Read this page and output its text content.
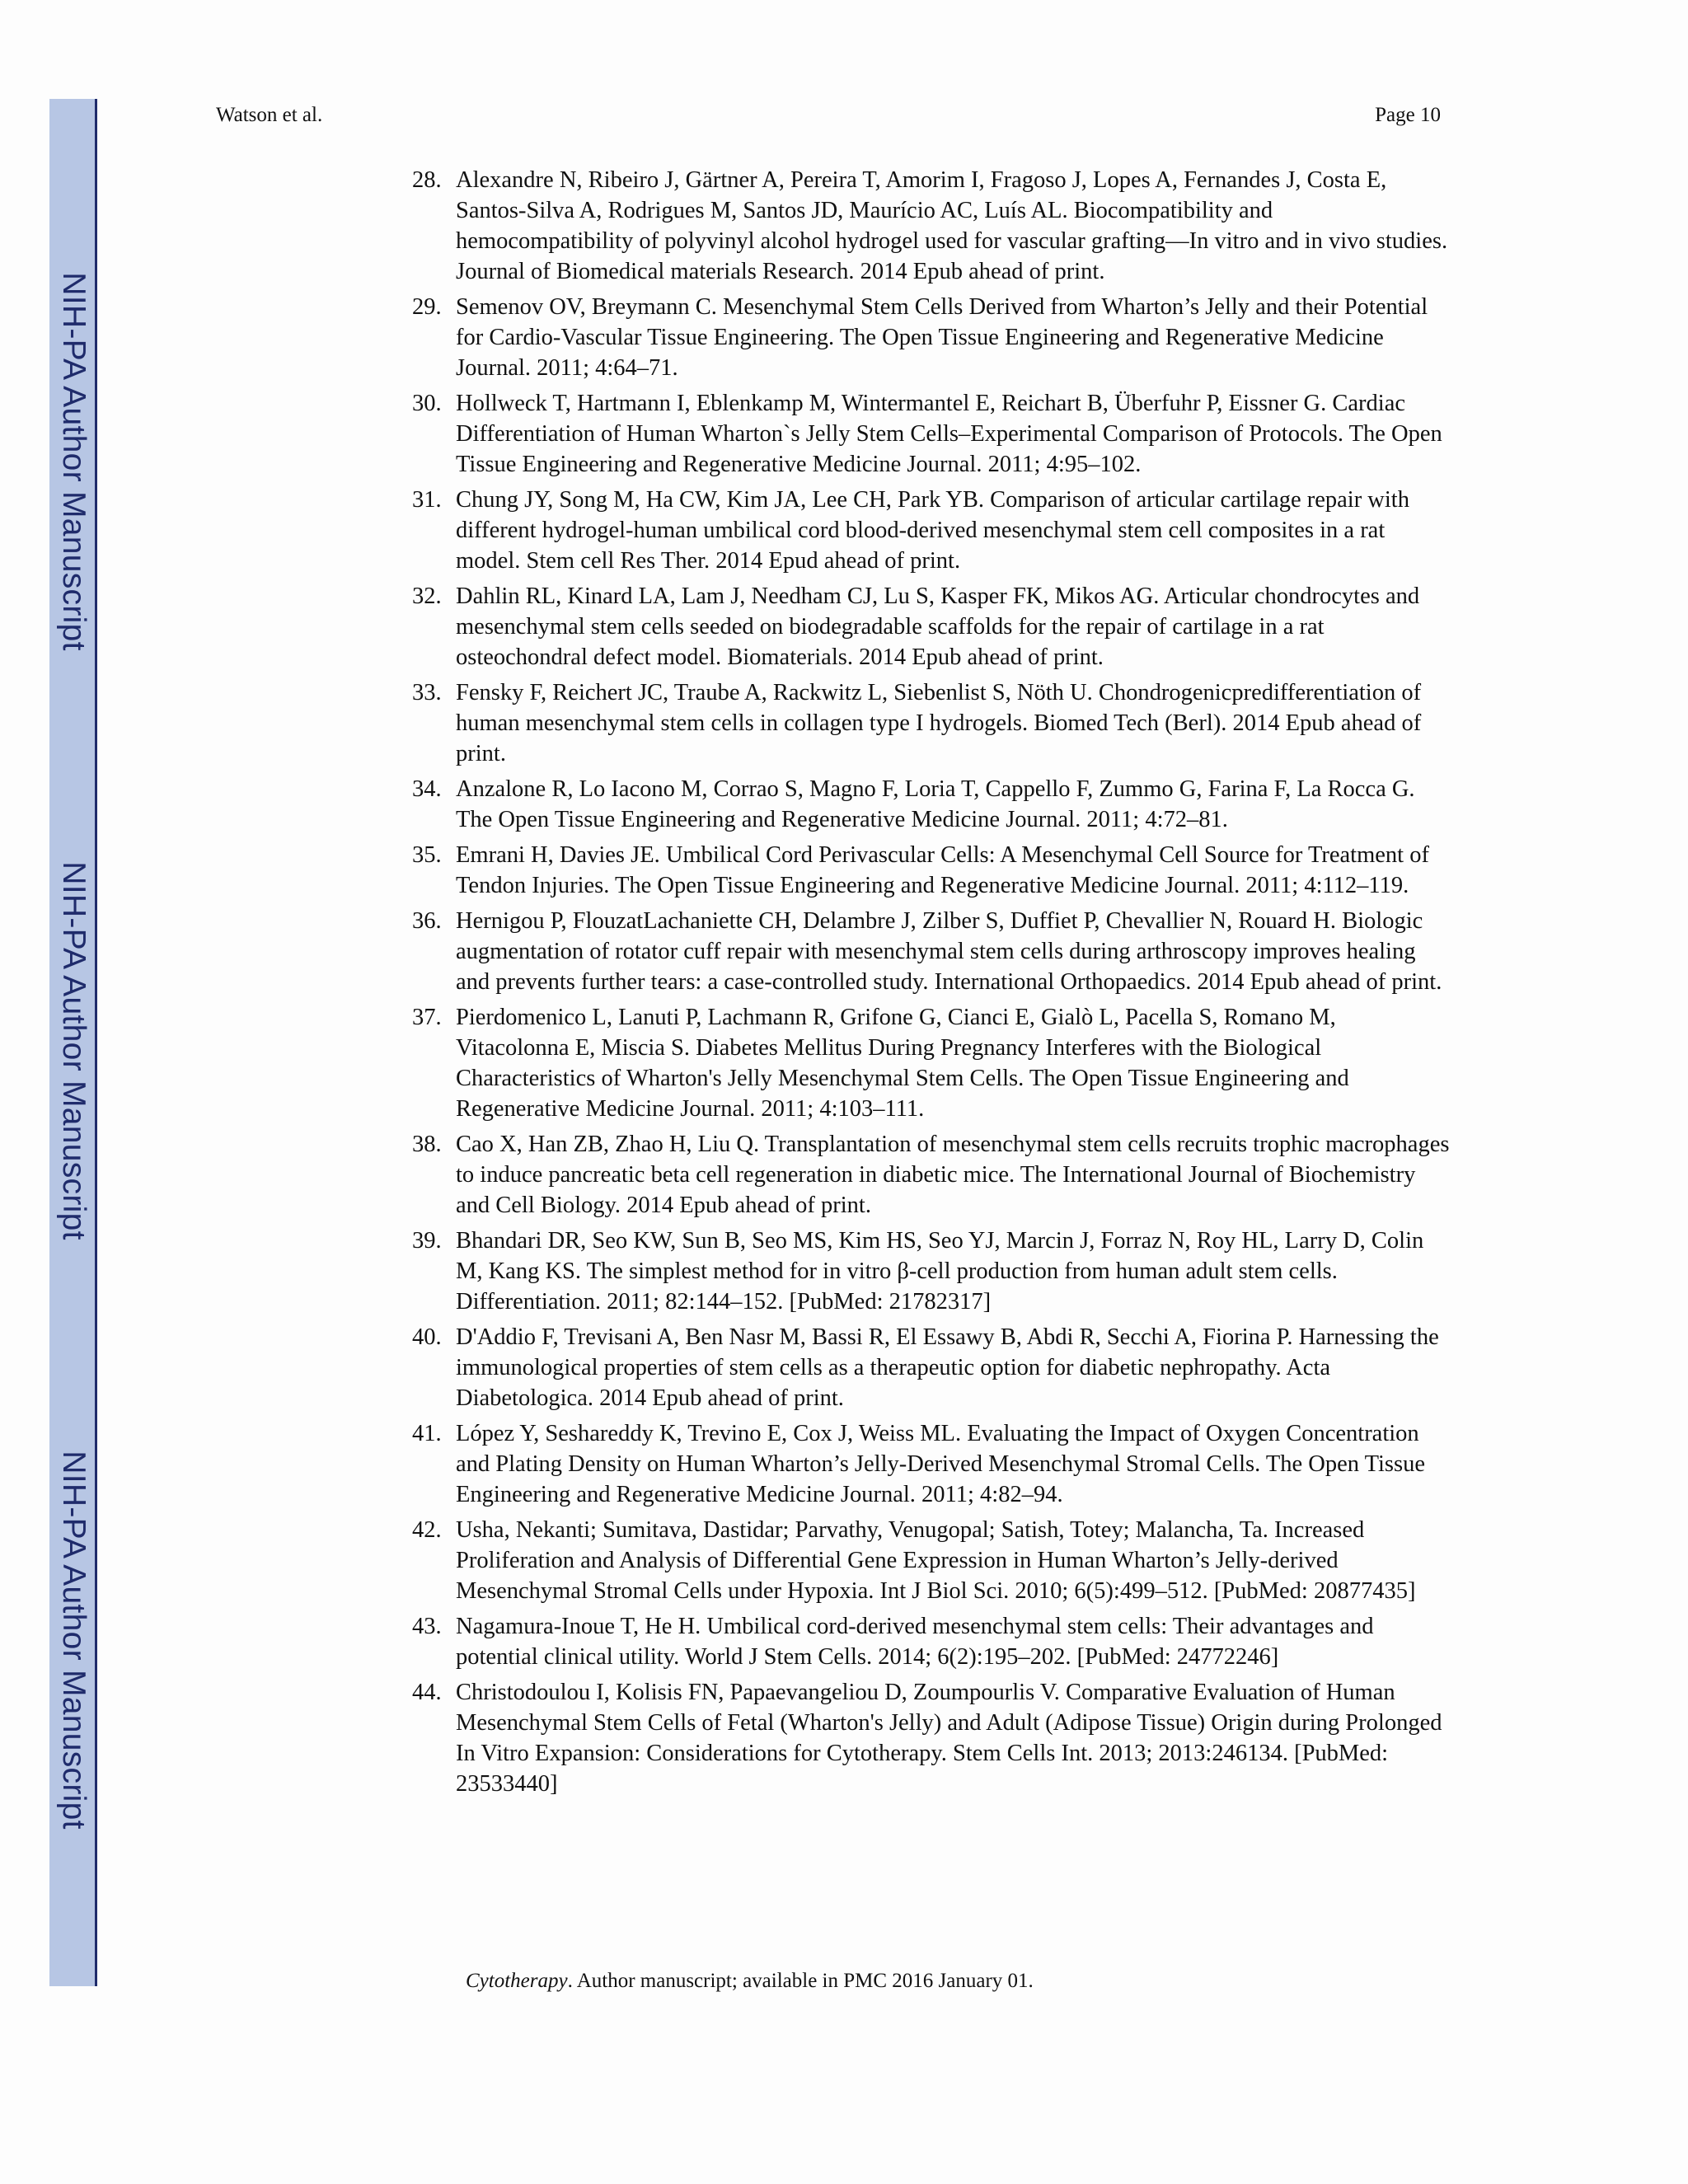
NIH-PA Author Manuscript
NIH-PA Author Manuscript
NIH-PA Author Manuscript
Watson et al.	Page 10
28. Alexandre N, Ribeiro J, Gärtner A, Pereira T, Amorim I, Fragoso J, Lopes A, Fernandes J, Costa E, Santos-Silva A, Rodrigues M, Santos JD, Maurício AC, Luís AL. Biocompatibility and hemocompatibility of polyvinyl alcohol hydrogel used for vascular grafting—In vitro and in vivo studies. Journal of Biomedical materials Research. 2014 Epub ahead of print.
29. Semenov OV, Breymann C. Mesenchymal Stem Cells Derived from Wharton’s Jelly and their Potential for Cardio-Vascular Tissue Engineering. The Open Tissue Engineering and Regenerative Medicine Journal. 2011; 4:64–71.
30. Hollweck T, Hartmann I, Eblenkamp M, Wintermantel E, Reichart B, Überfuhr P, Eissner G. Cardiac Differentiation of Human Wharton`s Jelly Stem Cells–Experimental Comparison of Protocols. The Open Tissue Engineering and Regenerative Medicine Journal. 2011; 4:95–102.
31. Chung JY, Song M, Ha CW, Kim JA, Lee CH, Park YB. Comparison of articular cartilage repair with different hydrogel-human umbilical cord blood-derived mesenchymal stem cell composites in a rat model. Stem cell Res Ther. 2014 Epud ahead of print.
32. Dahlin RL, Kinard LA, Lam J, Needham CJ, Lu S, Kasper FK, Mikos AG. Articular chondrocytes and mesenchymal stem cells seeded on biodegradable scaffolds for the repair of cartilage in a rat osteochondral defect model. Biomaterials. 2014 Epub ahead of print.
33. Fensky F, Reichert JC, Traube A, Rackwitz L, Siebenlist S, Nöth U. Chondrogenicpredifferentiation of human mesenchymal stem cells in collagen type I hydrogels. Biomed Tech (Berl). 2014 Epub ahead of print.
34. Anzalone R, Lo Iacono M, Corrao S, Magno F, Loria T, Cappello F, Zummo G, Farina F, La Rocca G. The Open Tissue Engineering and Regenerative Medicine Journal. 2011; 4:72–81.
35. Emrani H, Davies JE. Umbilical Cord Perivascular Cells: A Mesenchymal Cell Source for Treatment of Tendon Injuries. The Open Tissue Engineering and Regenerative Medicine Journal. 2011; 4:112–119.
36. Hernigou P, FlouzatLachaniette CH, Delambre J, Zilber S, Duffiet P, Chevallier N, Rouard H. Biologic augmentation of rotator cuff repair with mesenchymal stem cells during arthroscopy improves healing and prevents further tears: a case-controlled study. International Orthopaedics. 2014 Epub ahead of print.
37. Pierdomenico L, Lanuti P, Lachmann R, Grifone G, Cianci E, Gialò L, Pacella S, Romano M, Vitacolonna E, Miscia S. Diabetes Mellitus During Pregnancy Interferes with the Biological Characteristics of Wharton's Jelly Mesenchymal Stem Cells. The Open Tissue Engineering and Regenerative Medicine Journal. 2011; 4:103–111.
38. Cao X, Han ZB, Zhao H, Liu Q. Transplantation of mesenchymal stem cells recruits trophic macrophages to induce pancreatic beta cell regeneration in diabetic mice. The International Journal of Biochemistry and Cell Biology. 2014 Epub ahead of print.
39. Bhandari DR, Seo KW, Sun B, Seo MS, Kim HS, Seo YJ, Marcin J, Forraz N, Roy HL, Larry D, Colin M, Kang KS. The simplest method for in vitro β-cell production from human adult stem cells. Differentiation. 2011; 82:144–152. [PubMed: 21782317]
40. D'Addio F, Trevisani A, Ben Nasr M, Bassi R, El Essawy B, Abdi R, Secchi A, Fiorina P. Harnessing the immunological properties of stem cells as a therapeutic option for diabetic nephropathy. Acta Diabetologica. 2014 Epub ahead of print.
41. López Y, Seshareddy K, Trevino E, Cox J, Weiss ML. Evaluating the Impact of Oxygen Concentration and Plating Density on Human Wharton’s Jelly-Derived Mesenchymal Stromal Cells. The Open Tissue Engineering and Regenerative Medicine Journal. 2011; 4:82–94.
42. Usha, Nekanti; Sumitava, Dastidar; Parvathy, Venugopal; Satish, Totey; Malancha, Ta. Increased Proliferation and Analysis of Differential Gene Expression in Human Wharton’s Jelly-derived Mesenchymal Stromal Cells under Hypoxia. Int J Biol Sci. 2010; 6(5):499–512. [PubMed: 20877435]
43. Nagamura-Inoue T, He H. Umbilical cord-derived mesenchymal stem cells: Their advantages and potential clinical utility. World J Stem Cells. 2014; 6(2):195–202. [PubMed: 24772246]
44. Christodoulou I, Kolisis FN, Papaevangeliou D, Zoumpourlis V. Comparative Evaluation of Human Mesenchymal Stem Cells of Fetal (Wharton's Jelly) and Adult (Adipose Tissue) Origin during Prolonged In Vitro Expansion: Considerations for Cytotherapy. Stem Cells Int. 2013; 2013:246134. [PubMed: 23533440]
Cytotherapy. Author manuscript; available in PMC 2016 January 01.
